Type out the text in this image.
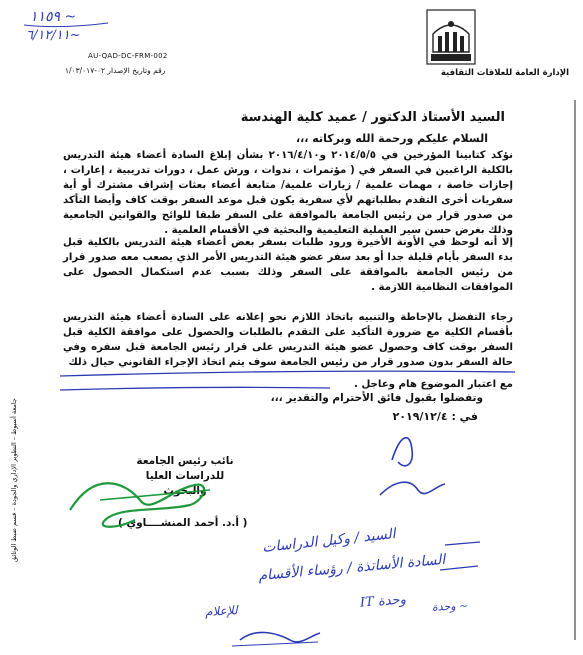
الإدارة العامة للعلاقات الثقافية
AU-QAD-DC-FRM-002
رقم وتاريخ الإصدار ٠٢-١/٠٣/٠١٧
١١٥٩ ~
٦/١٢/١١~
السيد الأستاذ الدكتور / عميد كلية الهندسة
السلام عليكم ورحمة الله وبركاته ،،،
نؤكد كتابينا المؤرخين في ٢٠١٤/٥/٥ و٢٠١٦/٤/١٠ بشأن إبلاغ السادة أعضاء هيئة التدريس بالكلية الراغبين في السفر في ( مؤتمرات ، ندوات ، ورش عمل ، دورات تدريبية ، إعارات ، إجازات خاصة ، مهمات علمية / زيارات علمية/ متابعة أعضاء بعثات إشراف مشترك أو أية سفريات أخرى التقدم بطلباتهم لأي سفرية يكون قبل موعد السفر بوقت كاف وأيضا التأكد من صدور قرار من رئيس الجامعة بالموافقة على السفر طبقا للوائح والقوانين الجامعية وذلك بغرض حسن سير العملية التعليمية والبحثية في الأقسام العلمية .
إلا أنه لوحظ في الأونة الأخيرة ورود طلبات بسفر بعض أعضاء هيئة التدريس بالكلية قبل بدء السفر بأيام قليلة جدا أو بعد سفر عضو هيئة التدريس الأمر الذي يصعب معه صدور قرار من رئيس الجامعة بالموافقة على السفر وذلك بسبب عدم استكمال الحصول على الموافقات النظامية اللازمة .
رجاء التفضل بالإحاطة والتنبيه باتخاذ اللازم نحو إعلانه على السادة أعضاء هيئة التدريس بأقسام الكلية مع ضرورة التأكيد على التقدم بالطلبات والحصول على موافقة الكلية قبل السفر بوقت كاف وحصول عضو هيئة التدريس على قرار رئيس الجامعة قبل سفره وفي حالة السفر بدون صدور قرار من رئيس الجامعة سوف يتم اتخاذ الإجراء القانوني حيال ذلك
مع اعتبار الموضوع هام وعاجل .
وتفضلوا بقبول فائق الأحترام والتقدير ،،،
في : ٢٠١٩/١٢/٤
نائب رئيس الجامعة
للدراسات العليا
والبحوث
( أ.د. أحمد المنشــــاوي )
جامعة أسيوط – التطوير الإداري والجودة – قسم ضبط الوثائق	السيد / وكيل الدراسات
السادة الأساتذة / رؤساء الأقسام
للإعلام
وحدة IT ~ وحدة
